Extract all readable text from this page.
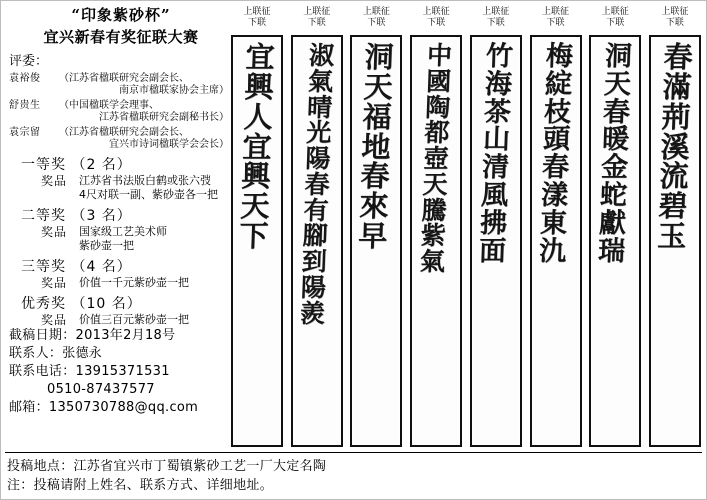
“印象紫砂杯”
宜兴新春有奖征联大赛
评委：
袁裕俊	（江苏省楹联研究会副会长、
南京市楹联家协会主席）
舒贵生	（中国楹联学会理事、
江苏省楹联研究会副秘书长）
袁宗留	（江苏省楹联研究会副会长、
宜兴市诗词楹联学会会长）
一等奖 （2 名）
奖品	江苏省书法版白鹤或张六弢
4尺对联一副、紫砂壶各一把
二等奖 （3 名）
奖品	国家级工艺美术师
紫砂壶一把
三等奖 （4 名）
奖品	价值一千元紫砂壶一把
优秀奖 （10 名）
奖品	价值三百元紫砂壶一把
截稿日期：2013年2月18号
联系人：张德永
联系电话：13915371531
0510-87437577
邮箱：1350730788@qq.com
上联征下联
宜興人宜興天下
上联征下联
淑氣晴光陽春有腳到陽羨
上联征下联
洞天福地春來早
上联征下联
中國陶都壺天騰紫氣
上联征下联
竹海茶山清風拂面
上联征下联
梅綻枝頭春漾東氿
上联征下联
洞天春暖金蛇獻瑞
上联征下联
春滿荊溪流碧玉
投稿地点：江苏省宜兴市丁蜀镇紫砂工艺一厂大定名陶
注：投稿请附上姓名、联系方式、详细地址。
